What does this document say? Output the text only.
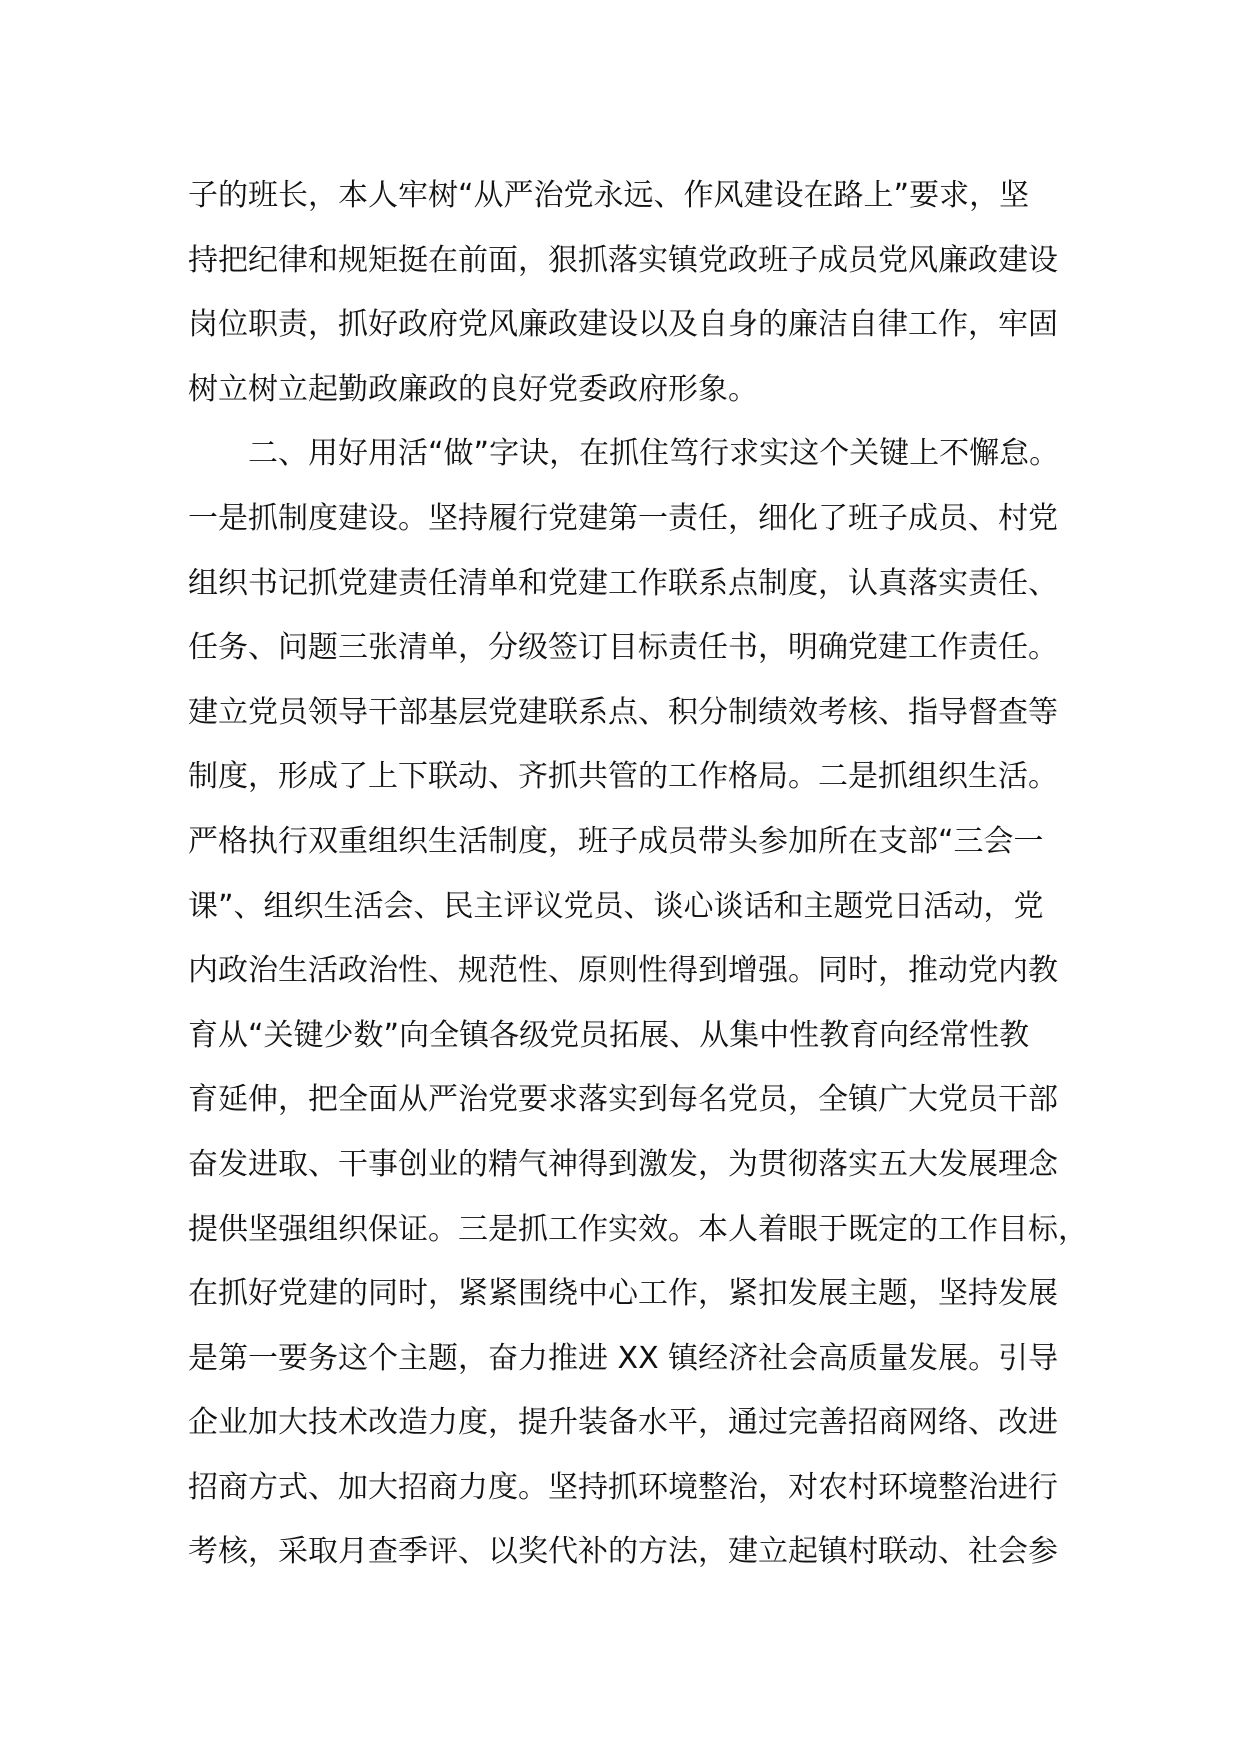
子的班长，本人牢树“从严治党永远、作风建设在路上”要求，坚
持把纪律和规矩挺在前面，狠抓落实镇党政班子成员党风廉政建设
岗位职责，抓好政府党风廉政建设以及自身的廉洁自律工作，牢固
树立树立起勤政廉政的良好党委政府形象。
二、用好用活“做”字诀，在抓住笃行求实这个关键上不懈怠。
一是抓制度建设。坚持履行党建第一责任，细化了班子成员、村党
组织书记抓党建责任清单和党建工作联系点制度，认真落实责任、
任务、问题三张清单，分级签订目标责任书，明确党建工作责任。
建立党员领导干部基层党建联系点、积分制绩效考核、指导督查等
制度，形成了上下联动、齐抓共管的工作格局。二是抓组织生活。
严格执行双重组织生活制度，班子成员带头参加所在支部“三会一
课”、组织生活会、民主评议党员、谈心谈话和主题党日活动，党
内政治生活政治性、规范性、原则性得到增强。同时，推动党内教
育从“关键少数”向全镇各级党员拓展、从集中性教育向经常性教
育延伸，把全面从严治党要求落实到每名党员，全镇广大党员干部
奋发进取、干事创业的精气神得到激发，为贯彻落实五大发展理念
提供坚强组织保证。三是抓工作实效。本人着眼于既定的工作目标，
在抓好党建的同时，紧紧围绕中心工作，紧扣发展主题，坚持发展
是第一要务这个主题，奋力推进 XX 镇经济社会高质量发展。引导
企业加大技术改造力度，提升装备水平，通过完善招商网络、改进
招商方式、加大招商力度。坚持抓环境整治，对农村环境整治进行
考核，采取月查季评、以奖代补的方法，建立起镇村联动、社会参
